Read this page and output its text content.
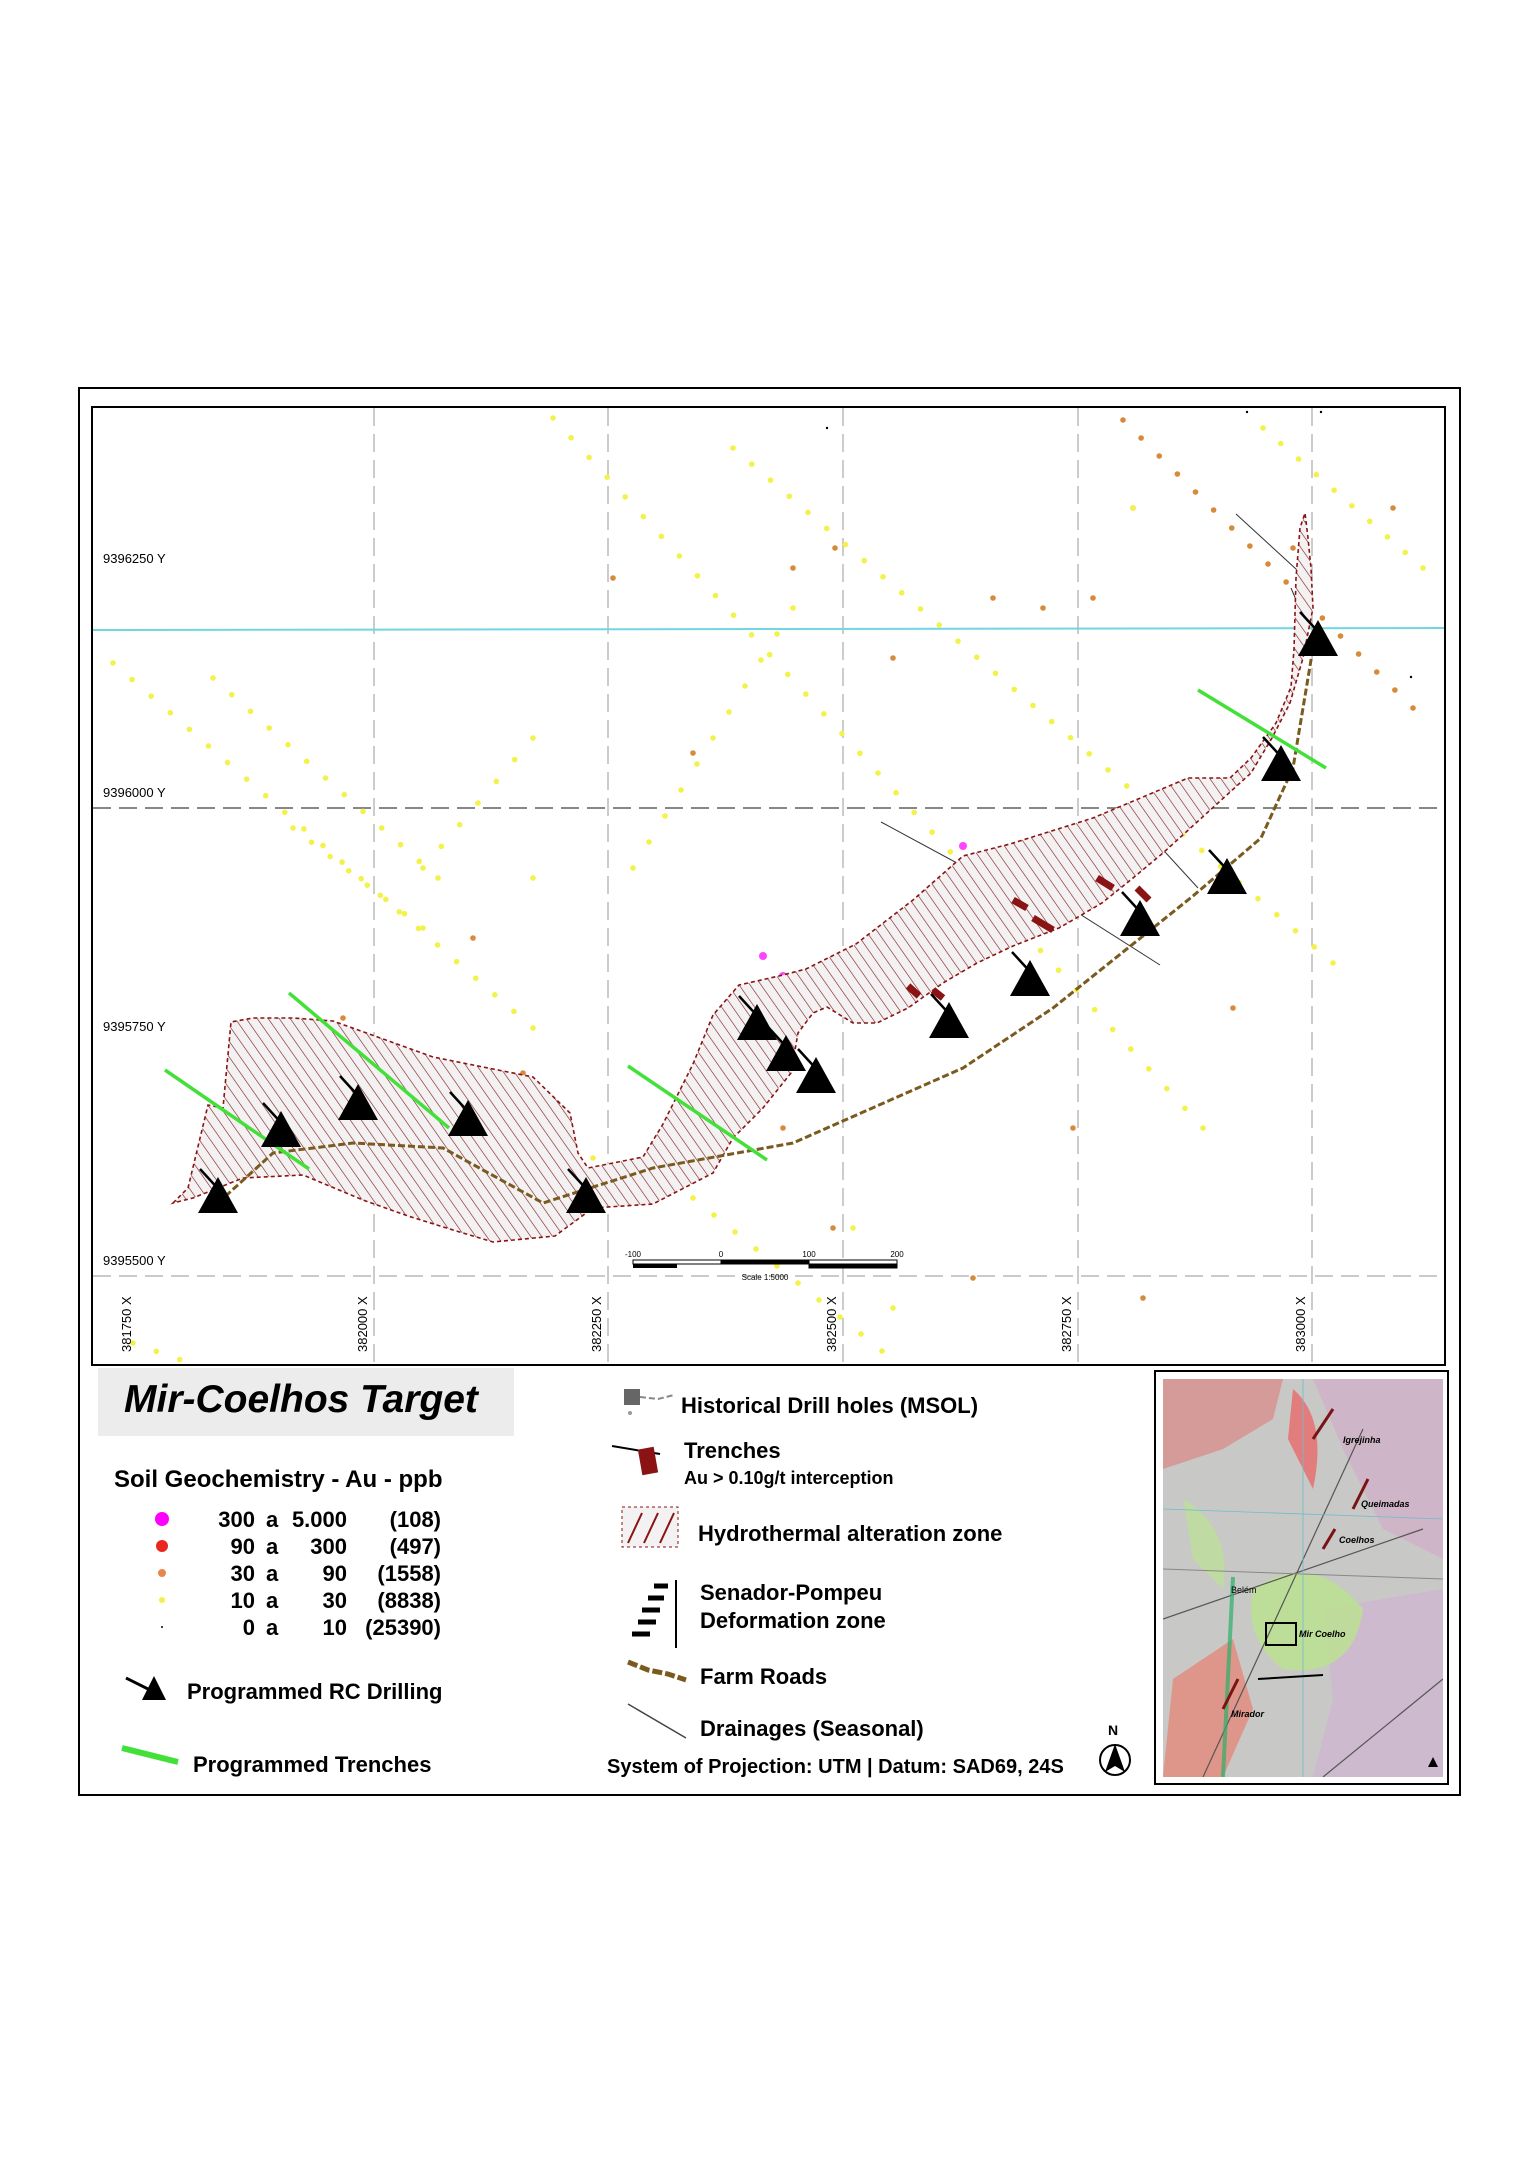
-100	0	100	200
Scale 1:5000
9396250 Y
9396000 Y
9395750 Y
9395500 Y
381750 X	382000 X	382250 X	382500 X	382750 X	383000 X
Mir-Coelhos Target
Soil Geochemistry - Au - ppb
300 a 5.000	(108)
90 a	300	(497)
30 a	90	(1558)
10 a	30	(8838)
0 a	10 (25390)
Programmed RC Drilling
Programmed Trenches
Historical Drill holes (MSOL)
Trenches
Au > 0.10g/t interception
Hydrothermal alteration zone
Senador-Pompeu
Deformation zone
Farm Roads
Drainages (Seasonal)
System of Projection: UTM | Datum: SAD69, 24S
N
Igrejinha
Queimadas
Coelhos
Mir Coelho
Mirador
Belém
